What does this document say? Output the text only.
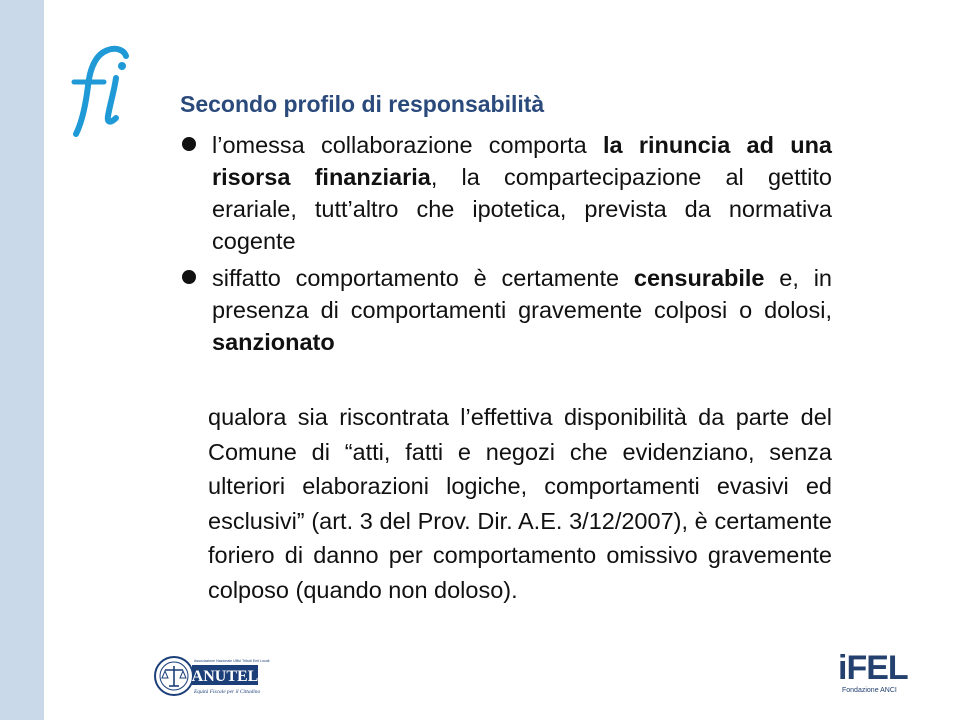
Secondo profilo di responsabilità
l’omessa collaborazione comporta la rinuncia ad una risorsa finanziaria, la compartecipazione al gettito erariale, tutt’altro che ipotetica, prevista da normativa cogente
siffatto comportamento è certamente censurabile e, in presenza di comportamenti gravemente colposi o dolosi, sanzionato

qualora sia riscontrata l’effettiva disponibilità da parte del Comune di “atti, fatti e negozi che evidenziano, senza ulteriori elaborazioni logiche, comportamenti evasivi ed esclusivi” (art. 3 del Prov. Dir. A.E. 3/12/2007), è certamente foriero di danno per comportamento omissivo gravemente colposo (quando non doloso).

Associazione Nazionale Uffici Tributi Enti Locali
ANUTEL
Equità Fiscale per il Cittadino
iFEL
Fondazione ANCI
